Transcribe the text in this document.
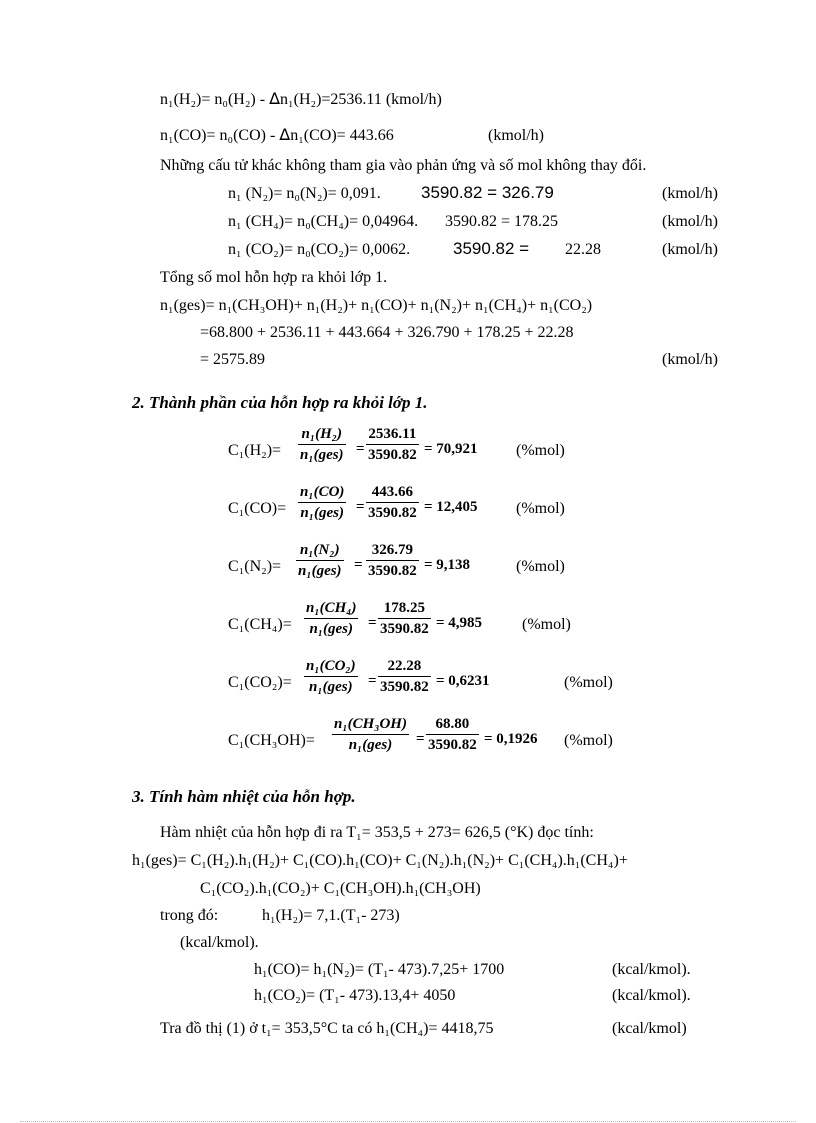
n₁(H₂)= n₀(H₂) - ᐃn₁(H₂)=2536.11 (kmol/h)
n₁(CO)= n₀(CO) - ᐃn₁(CO)= 443.66	(kmol/h)
Những cấu tử khác không tham gia vào phản ứng và số mol không thay đổi.
n₁ (N₂)= n₀(N₂)= 0,091. 3590.82 = 326.79	(kmol/h)
n₁ (CH₄)= n₀(CH₄)= 0,04964. 3590.82 = 178.25	(kmol/h)
n₁ (CO₂)= n₀(CO₂)= 0,0062.	3590.82 = 22.28	(kmol/h)
Tổng số mol hỗn hợp ra khỏi lớp 1.
n₁(ges)= n₁(CH₃OH)+ n₁(H₂)+ n₁(CO)+ n₁(N₂)+ n₁(CH₄)+ n₁(CO₂)
=68.800 + 2536.11 + 443.664 + 326.790 + 178.25 + 22.28
= 2575.89	(kmol/h)
2. Thành phần của hỗn hợp ra khỏi lớp 1.
C₁(H₂)=
n₁(H₂)
$n_1(ges) = \frac{2536.11}{3590.82} = 70,921$ (%mol)
C₁(CO)=
n₁(CO)
$n_1(ges) = \frac{443.66}{3590.82} = 12,405$ (%mol)
C₁(N₂)=
n₁(N₂)
$n_1(ges) = \frac{326.79}{3590.82} = 9,138$	(%mol)
C₁(CH₄)=
n₁(CH₄)
$n_1(ges) = \frac{178.25}{3590.82} = 4,985$ (%mol)
C₁(CO₂)=
n₁(CO₂)
n₁(ges)	= $\frac{22.28}{3590.82} = 0,6231$	(%mol)
C₁(CH₃OH)=
n₁(CH₃OH)
n₁(ges)	= $\frac{68.80}{3590.82} = 0,1926$ (%mol)
3. Tính hàm nhiệt của hỗn hợp.
Hàm nhiệt của hỗn hợp đi ra T₁= 353,5 + 273= 626,5 (°K) đọc tính:
h₁(ges)= C₁(H₂).h₁(H₂)+ C₁(CO).h₁(CO)+ C₁(N₂).h₁(N₂)+ C₁(CH₄).h₁(CH₄)+
C₁(CO₂).h₁(CO₂)+ C₁(CH₃OH).h₁(CH₃OH)
trong đó:	h₁(H₂)= 7,1.(T₁- 273)
(kcal/kmol).
h₁(CO)= h₁(N₂)= (T₁- 473).7,25+ 1700	(kcal/kmol).
h₁(CO₂)= (T₁- 473).13,4+ 4050	(kcal/kmol).
Tra đồ thị (1) ở t₁= 353,5°C ta có h₁(CH₄)= 4418,75	(kcal/kmol)
